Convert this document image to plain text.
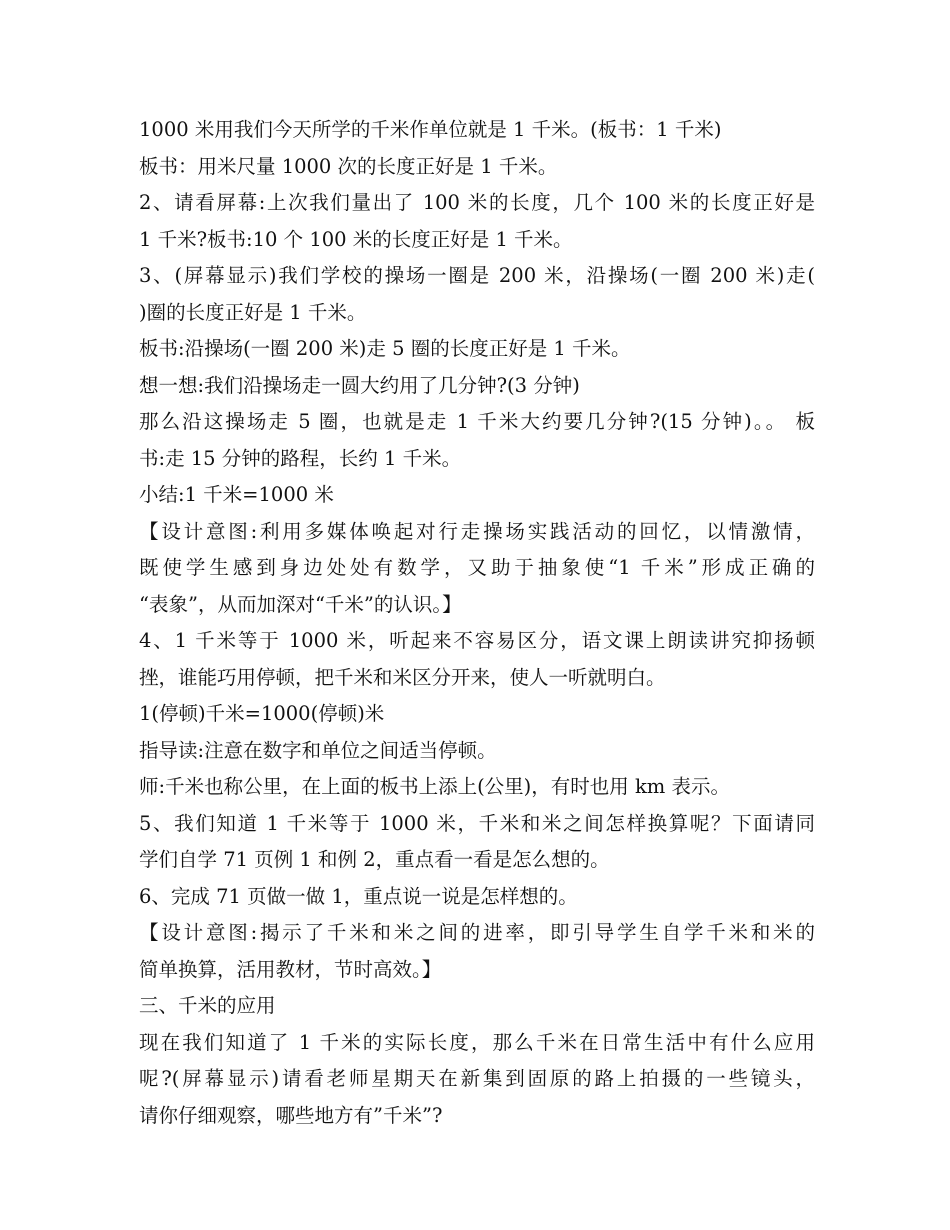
1000 米用我们今天所学的千米作单位就是 1 千米。(板书：1 千米)
板书：用米尺量 1000 次的长度正好是 1 千米。
2、请看屏幕:上次我们量出了 100 米的长度，几个 100 米的长度正好是
1 千米?板书:10 个 100 米的长度正好是 1 千米。
3、(屏幕显示)我们学校的操场一圈是 200 米，沿操场(一圈 200 米)走(
)圈的长度正好是 1 千米。
板书:沿操场(一圈 200 米)走 5 圈的长度正好是 1 千米。
想一想:我们沿操场走一圆大约用了几分钟?(3 分钟)
那么沿这操场走 5 圈，也就是走 1 千米大约要几分钟?(15 分钟)。。 板
书:走 15 分钟的路程，长约 1 千米。
小结:1 千米=1000 米
【设计意图:利用多媒体唤起对行走操场实践活动的回忆，以情激情，
既使学生感到身边处处有数学，又助于抽象使“1 千米”形成正确的
“表象”，从而加深对“千米”的认识。】
4、1 千米等于 1000 米，听起来不容易区分，语文课上朗读讲究抑扬顿
挫，谁能巧用停顿，把千米和米区分开来，使人一听就明白。
1(停顿)千米=1000(停顿)米
指导读:注意在数字和单位之间适当停顿。
师:千米也称公里，在上面的板书上添上(公里)，有时也用 km 表示。
5、我们知道 1 千米等于 1000 米，千米和米之间怎样换算呢？下面请同
学们自学 71 页例 1 和例 2，重点看一看是怎么想的。
6、完成 71 页做一做 1，重点说一说是怎样想的。
【设计意图:揭示了千米和米之间的进率，即引导学生自学千米和米的
简单换算，活用教材，节时高效。】
三、千米的应用
现在我们知道了 1 千米的实际长度，那么千米在日常生活中有什么应用
呢?(屏幕显示)请看老师星期天在新集到固原的路上拍摄的一些镜头，
请你仔细观察，哪些地方有”千米”?
